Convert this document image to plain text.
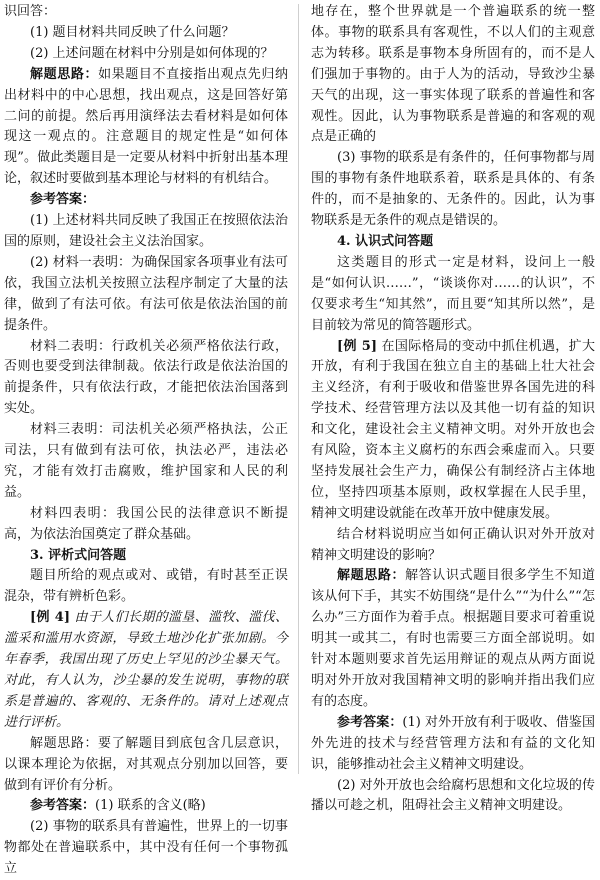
识回答：

(1) 题目材料共同反映了什么问题？

(2) 上述问题在材料中分别是如何体现的？

解题思路：如果题目不直接指出观点先归纳出材料中的中心思想，找出观点，这是回答好第二问的前提。然后再用演绎法去看材料是如何体现这一观点的。注意题目的规定性是“如何体现”。做此类题目是一定要从材料中折射出基本理论，叙述时要做到基本理论与材料的有机结合。

参考答案：

(1) 上述材料共同反映了我国正在按照依法治国的原则，建设社会主义法治国家。

(2) 材料一表明：为确保国家各项事业有法可依，我国立法机关按照立法程序制定了大量的法律，做到了有法可依。有法可依是依法治国的前提条件。

材料二表明：行政机关必须严格依法行政，否则也要受到法律制裁。依法行政是依法治国的前提条件，只有依法行政，才能把依法治国落到实处。

材料三表明：司法机关必须严格执法，公正司法，只有做到有法可依，执法必严，违法必究，才能有效打击腐败，维护国家和人民的利益。

材料四表明：我国公民的法律意识不断提高，为依法治国奠定了群众基础。

3. 评析式问答题

题目所给的观点或对、或错，有时甚至正误混杂，带有辨析色彩。

[例 4] 由于人们长期的滥垦、滥牧、滥伐、滥采和滥用水资源，导致土地沙化扩张加剧。今年春季，我国出现了历史上罕见的沙尘暴天气。对此，有人认为，沙尘暴的发生说明，事物的联系是普遍的、客观的、无条件的。请对上述观点进行评析。

解题思路：要了解题目到底包含几层意识，以课本理论为依据，对其观点分别加以回答，要做到有评价有分析。

参考答案：(1) 联系的含义(略)

(2) 事物的联系具有普遍性，世界上的一切事物都处在普遍联系中，其中没有任何一个事物孤立

地存在，整个世界就是一个普遍联系的统一整体。事物的联系具有客观性，不以人们的主观意志为转移。联系是事物本身所固有的，而不是人们强加于事物的。由于人为的活动，导致沙尘暴天气的出现，这一事实体现了联系的普遍性和客观性。因此，认为事物联系是普遍的和客观的观点是正确的

(3) 事物的联系是有条件的，任何事物都与周围的事物有条件地联系着，联系是具体的、有条件的，而不是抽象的、无条件的。因此，认为事物联系是无条件的观点是错误的。

4. 认识式问答题

这类题目的形式一定是材料，设问上一般是“如何认识……”，“谈谈你对……的认识”，不仅要求考生“知其然”，而且要“知其所以然”，是目前较为常见的简答题形式。

[例 5] 在国际格局的变动中抓住机遇，扩大开放，有利于我国在独立自主的基础上壮大社会主义经济，有利于吸收和借鉴世界各国先进的科学技术、经营管理方法以及其他一切有益的知识和文化，建设社会主义精神文明。对外开放也会有风险，资本主义腐朽的东西会乘虚而入。只要坚持发展社会生产力，确保公有制经济占主体地位，坚持四项基本原则，政权掌握在人民手里，精神文明建设就能在改革开放中健康发展。

结合材料说明应当如何正确认识对外开放对精神文明建设的影响？

解题思路：解答认识式题目很多学生不知道该从何下手，其实不妨围绕“是什么”“为什么”“怎么办”三方面作为着手点。根据题目要求可着重说明其一或其二，有时也需要三方面全部说明。如针对本题则要求首先运用辩证的观点从两方面说明对外开放对我国精神文明的影响并指出我们应有的态度。

参考答案：(1) 对外开放有利于吸收、借鉴国外先进的技术与经营管理方法和有益的文化知识，能够推动社会主义精神文明建设。

(2) 对外开放也会给腐朽思想和文化垃圾的传播以可趁之机，阻碍社会主义精神文明建设。
